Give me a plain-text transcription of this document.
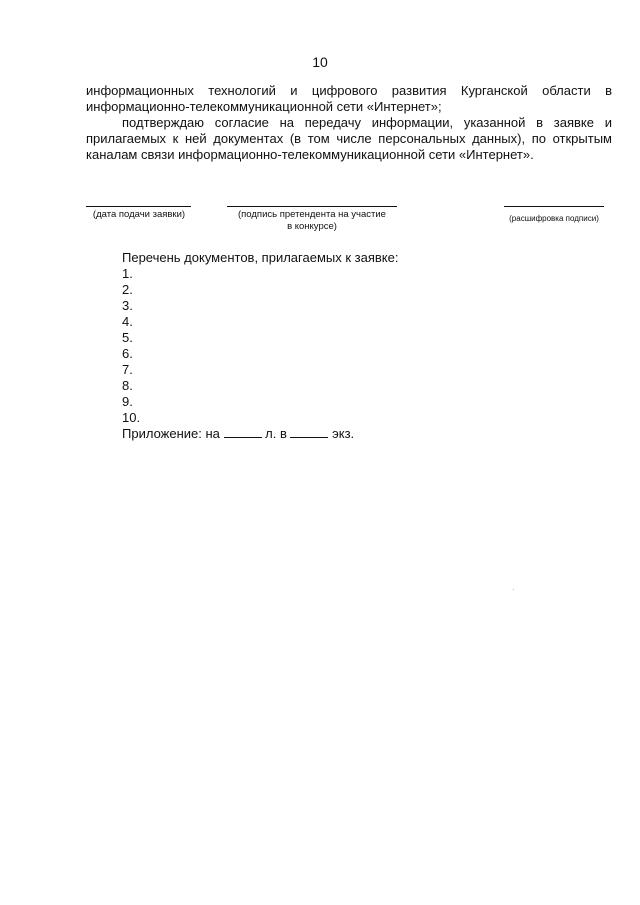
10
информационных технологий и цифрового развития Курганской области в информационно-телекоммуникационной сети «Интернет»;
подтверждаю согласие на передачу информации, указанной в заявке и прилагаемых к ней документах (в том числе персональных данных), по открытым каналам связи информационно-телекоммуникационной сети «Интернет».
(дата подачи заявки)	(подпись претендента на участие
в конкурсе)
(расшифровка подписи)
Перечень документов, прилагаемых к заявке:
1.
2.
3.
4.
5.
6.
7.
8.
9.
10.
Приложение: на	л. в	экз.
